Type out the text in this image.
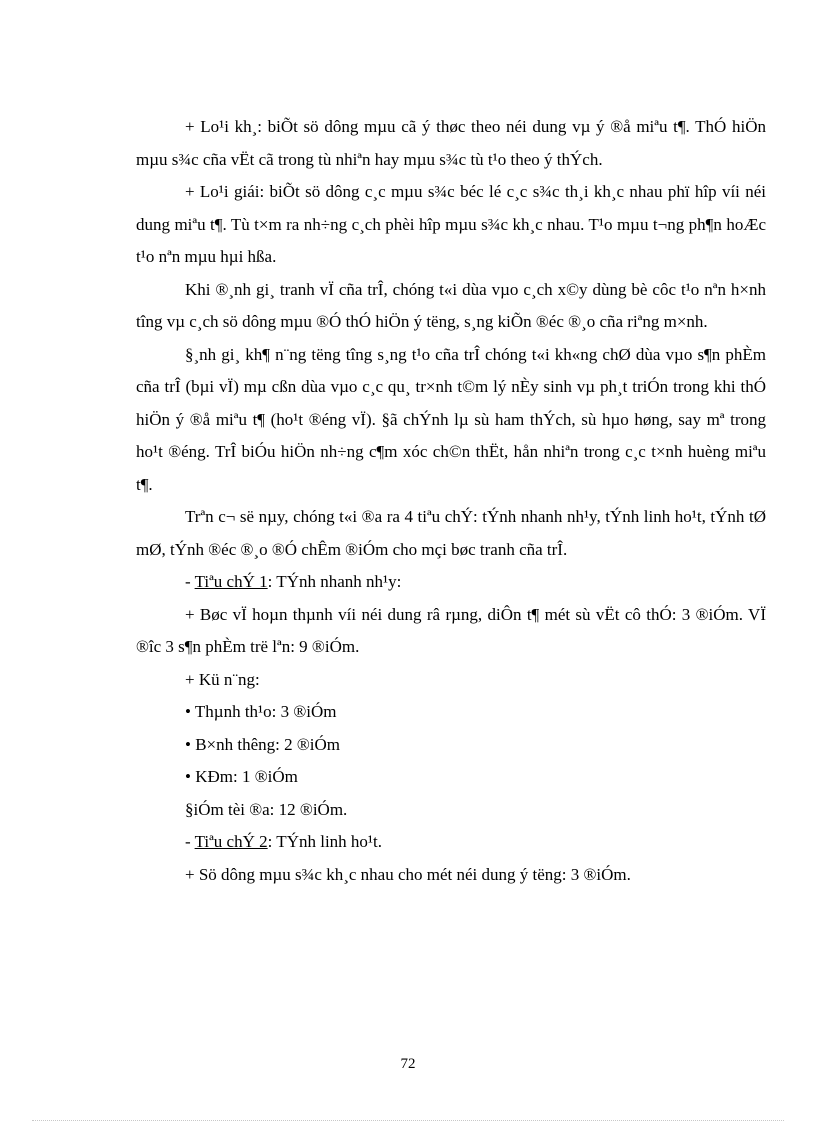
+ Lo¹i kh¸: biÕt sö dông mµu cã ý thøc theo néi dung vµ ý ®å miªu t¶. ThÓ hiÖn mµu s¾c cña vËt cã trong tù nhiªn hay mµu s¾c tù t¹o theo ý thÝch.

+ Lo¹i giái: biÕt sö dông c¸c mµu s¾c béc lé c¸c s¾c th¸i kh¸c nhau phï hîp víi néi dung miªu t¶. Tù t×m ra nh÷ng c¸ch phèi hîp mµu s¾c kh¸c nhau. T¹o mµu t¬ng ph¶n hoÆc t¹o nªn mµu hµi hßa.

Khi ®¸nh gi¸ tranh vÏ cña trÎ, chóng t«i dùa vµo c¸ch x©y dùng bè côc t¹o nªn h×nh tîng vµ c¸ch sö dông mµu ®Ó thÓ hiÖn ý tëng, s¸ng kiÕn ®éc ®¸o cña riªng m×nh.

§¸nh gi¸ kh¶ n¨ng tëng tîng s¸ng t¹o cña trÎ chóng t«i kh«ng chØ dùa vµo s¶n phÈm cña trÎ (bµi vÏ) mµ cßn dùa vµo c¸c qu¸ tr×nh t©m lý nÈy sinh vµ ph¸t triÓn trong khi thÓ hiÖn ý ®å miªu t¶ (ho¹t ®éng vÏ). §ã chÝnh lµ sù ham thÝch, sù hµo høng, say mª trong ho¹t ®éng. TrÎ biÓu hiÖn nh÷ng c¶m xóc ch©n thËt, hån nhiªn trong c¸c t×nh huèng miªu t¶.

Trªn c¬ së nµy, chóng t«i ®a ra 4 tiªu chÝ: tÝnh nhanh nh¹y, tÝnh linh ho¹t, tÝnh tØ mØ, tÝnh ®éc ®¸o ®Ó chÊm ®iÓm cho mçi bøc tranh cña trÎ.

- Tiªu chÝ 1: TÝnh nhanh nh¹y:

+ Bøc vÏ hoµn thµnh víi néi dung râ rµng, diÔn t¶ mét sù vËt cô thÓ: 3 ®iÓm. VÏ ®îc 3 s¶n phÈm trë lªn: 9 ®iÓm.

+ Kü n¨ng:

• Thµnh th¹o: 3 ®iÓm

• B×nh thêng: 2 ®iÓm

• KÐm: 1 ®iÓm

§iÓm tèi ®a: 12 ®iÓm.

- Tiªu chÝ 2: TÝnh linh ho¹t.

+ Sö dông mµu s¾c kh¸c nhau cho mét néi dung ý tëng: 3 ®iÓm.

72
